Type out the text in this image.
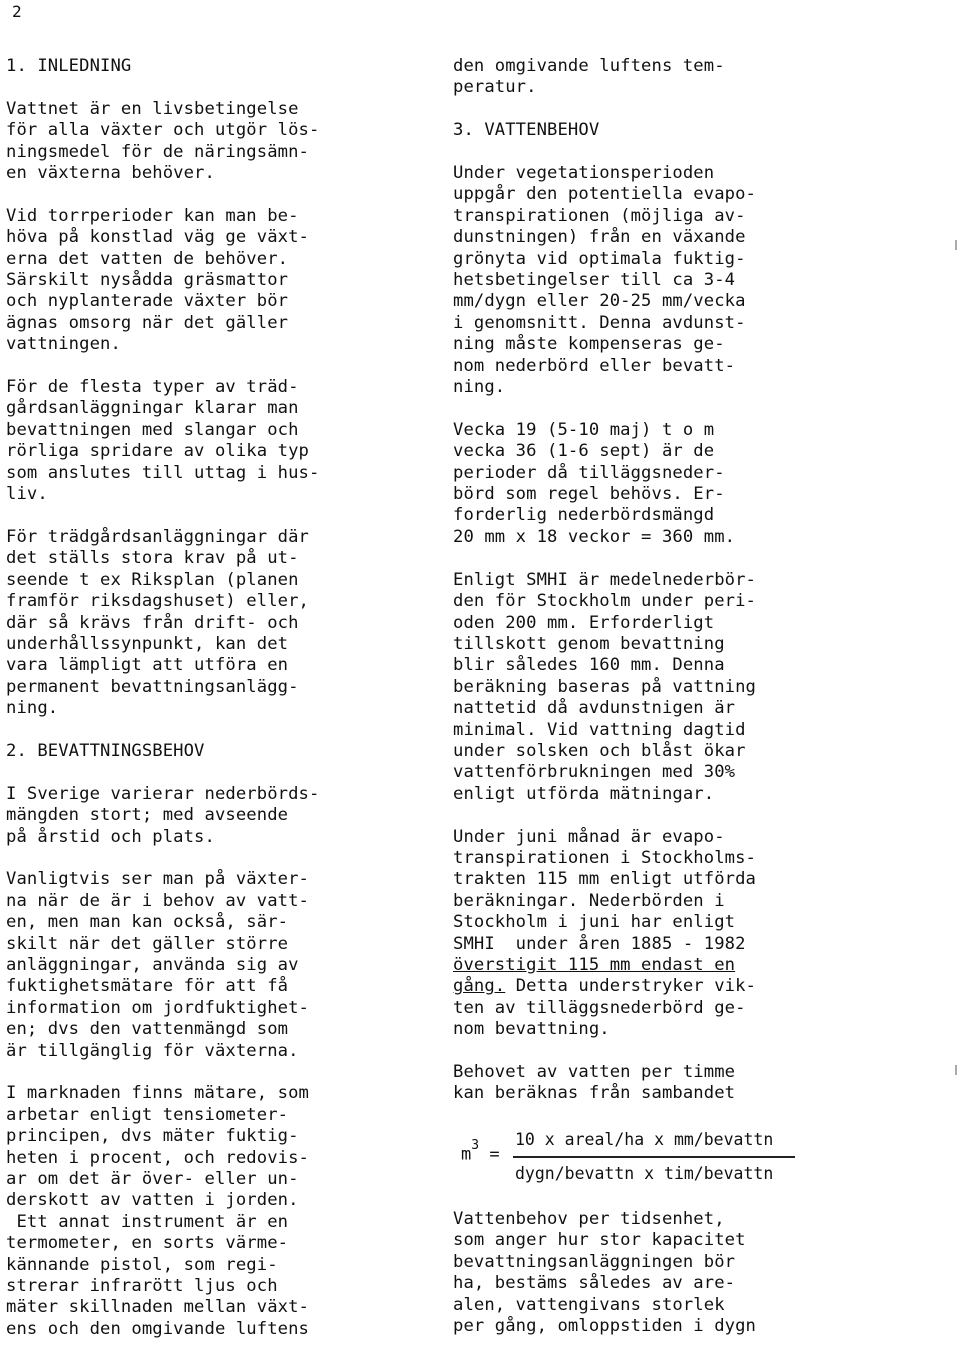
2
1. INLEDNING
Vattnet är en livsbetingelse
för alla växter och utgör lös-
ningsmedel för de näringsämn-
en växterna behöver.
Vid torrperioder kan man be-
höva på konstlad väg ge växt-
erna det vatten de behöver.
Särskilt nysådda gräsmattor
och nyplanterade växter bör
ägnas omsorg när det gäller
vattningen.
För de flesta typer av träd-
gårdsanläggningar klarar man
bevattningen med slangar och
rörliga spridare av olika typ
som anslutes till uttag i hus-
liv.
För trädgårdsanläggningar där
det ställs stora krav på ut-
seende t ex Riksplan (planen
framför riksdagshuset) eller,
där så krävs från drift- och
underhållssynpunkt, kan det
vara lämpligt att utföra en
permanent bevattningsanlägg-
ning.
2. BEVATTNINGSBEHOV
I Sverige varierar nederbörds-
mängden stort; med avseende
på årstid och plats.
Vanligtvis ser man på växter-
na när de är i behov av vatt-
en, men man kan också, sär-
skilt när det gäller större
anläggningar, använda sig av
fuktighetsmätare för att få
information om jordfuktighet-
en; dvs den vattenmängd som
är tillgänglig för växterna.
I marknaden finns mätare, som
arbetar enligt tensiometer-
principen, dvs mäter fuktig-
heten i procent, och redovis-
ar om det är över- eller un-
derskott av vatten i jorden.
Ett annat instrument är en
termometer, en sorts värme-
kännande pistol, som regi-
strerar infrarött ljus och
mäter skillnaden mellan växt-
ens och den omgivande luftens
den omgivande luftens tem-
peratur.
3. VATTENBEHOV
Under vegetationsperioden
uppgår den potentiella evapo-
transpirationen (möjliga av-
dunstningen) från en växande
grönyta vid optimala fuktig-
hetsbetingelser till ca 3-4
mm/dygn eller 20-25 mm/vecka
i genomsnitt. Denna avdunst-
ning måste kompenseras ge-
nom nederbörd eller bevatt-
ning.
Vecka 19 (5-10 maj) t o m
vecka 36 (1-6 sept) är de
perioder då tilläggsneder-
börd som regel behövs. Er-
forderlig nederbördsmängd
20 mm x 18 veckor = 360 mm.
Enligt SMHI är medelnederbör-
den för Stockholm under peri-
oden 200 mm. Erforderligt
tillskott genom bevattning
blir således 160 mm. Denna
beräkning baseras på vattning
nattetid då avdunstnigen är
minimal. Vid vattning dagtid
under solsken och blåst ökar
vattenförbrukningen med 30%
enligt utförda mätningar.
Under juni månad är evapo-
transpirationen i Stockholms-
trakten 115 mm enligt utförda
beräkningar. Nederbörden i
Stockholm i juni har enligt
SMHI  under åren 1885 - 1982
överstigit 115 mm endast en
gång. Detta understryker vik-
ten av tilläggsnederbörd ge-
nom bevattning.
Behovet av vatten per timme
kan beräknas från sambandet
$m^3$ =
10 x areal/ha x mm/bevattn
dygn/bevattn x tim/bevattn
Vattenbehov per tidsenhet,
som anger hur stor kapacitet
bevattningsanläggningen bör
ha, bestäms således av are-
alen, vattengivans storlek
per gång, omloppstiden i dygn
